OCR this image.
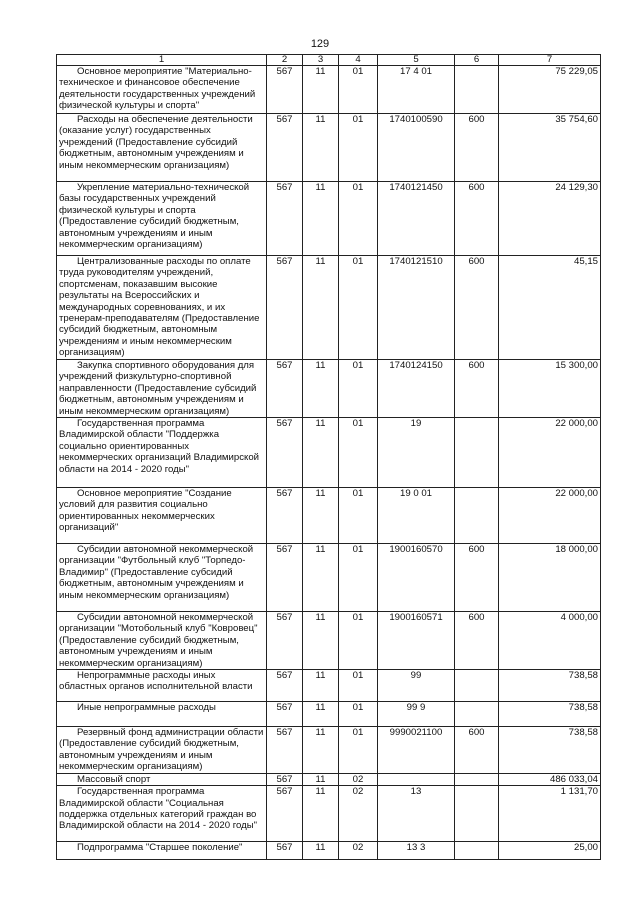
129
1	2	3	4	5	6	7
Основное мероприятие "Материально-техническое и финансовое обеспечение деятельности государственных учреждений физической культуры и спорта"	567	11	01	17 4 01		75 229,05
Расходы на обеспечение деятельности (оказание услуг) государственных учреждений (Предоставление субсидий бюджетным, автономным учреждениям и иным некоммерческим организациям)	567	11	01	1740100590	600	35 754,60
Укрепление материально-технической базы государственных учреждений физической культуры и спорта (Предоставление субсидий бюджетным, автономным учреждениям и иным некоммерческим организациям)	567	11	01	1740121450	600	24 129,30
Централизованные расходы по оплате труда руководителям учреждений, спортсменам, показавшим высокие результаты на Всероссийских и международных соревнованиях, и их тренерам-преподавателям (Предоставление субсидий бюджетным, автономным учреждениям и иным некоммерческим организациям)	567	11	01	1740121510	600	45,15
Закупка спортивного оборудования для учреждений физкультурно-спортивной направленности (Предоставление субсидий бюджетным, автономным учреждениям и иным некоммерческим организациям)	567	11	01	1740124150	600	15 300,00
Государственная программа Владимирской области "Поддержка социально ориентированных некоммерческих организаций Владимирской области на 2014 - 2020 годы"	567	11	01	19		22 000,00
Основное мероприятие "Создание условий для развития социально ориентированных некоммерческих организаций"	567	11	01	19 0 01		22 000,00
Субсидии автономной некоммерческой организации "Футбольный клуб "Торпедо-Владимир" (Предоставление субсидий бюджетным, автономным учреждениям и иным некоммерческим организациям)	567	11	01	1900160570	600	18 000,00
Субсидии автономной некоммерческой организации "Мотобольный клуб "Ковровец" (Предоставление субсидий бюджетным, автономным учреждениям и иным некоммерческим организациям)	567	11	01	1900160571	600	4 000,00
Непрограммные расходы иных областных органов исполнительной власти	567	11	01	99		738,58
Иные непрограммные расходы	567	11	01	99 9		738,58
Резервный фонд администрации области (Предоставление субсидий бюджетным, автономным учреждениям и иным некоммерческим организациям)	567	11	01	9990021100	600	738,58
Массовый спорт	567	11	02			486 033,04
Государственная программа Владимирской области "Социальная поддержка отдельных категорий граждан во Владимирской области на 2014 - 2020 годы"	567	11	02	13		1 131,70
Подпрограмма "Старшее поколение"	567	11	02	13 3		25,00
